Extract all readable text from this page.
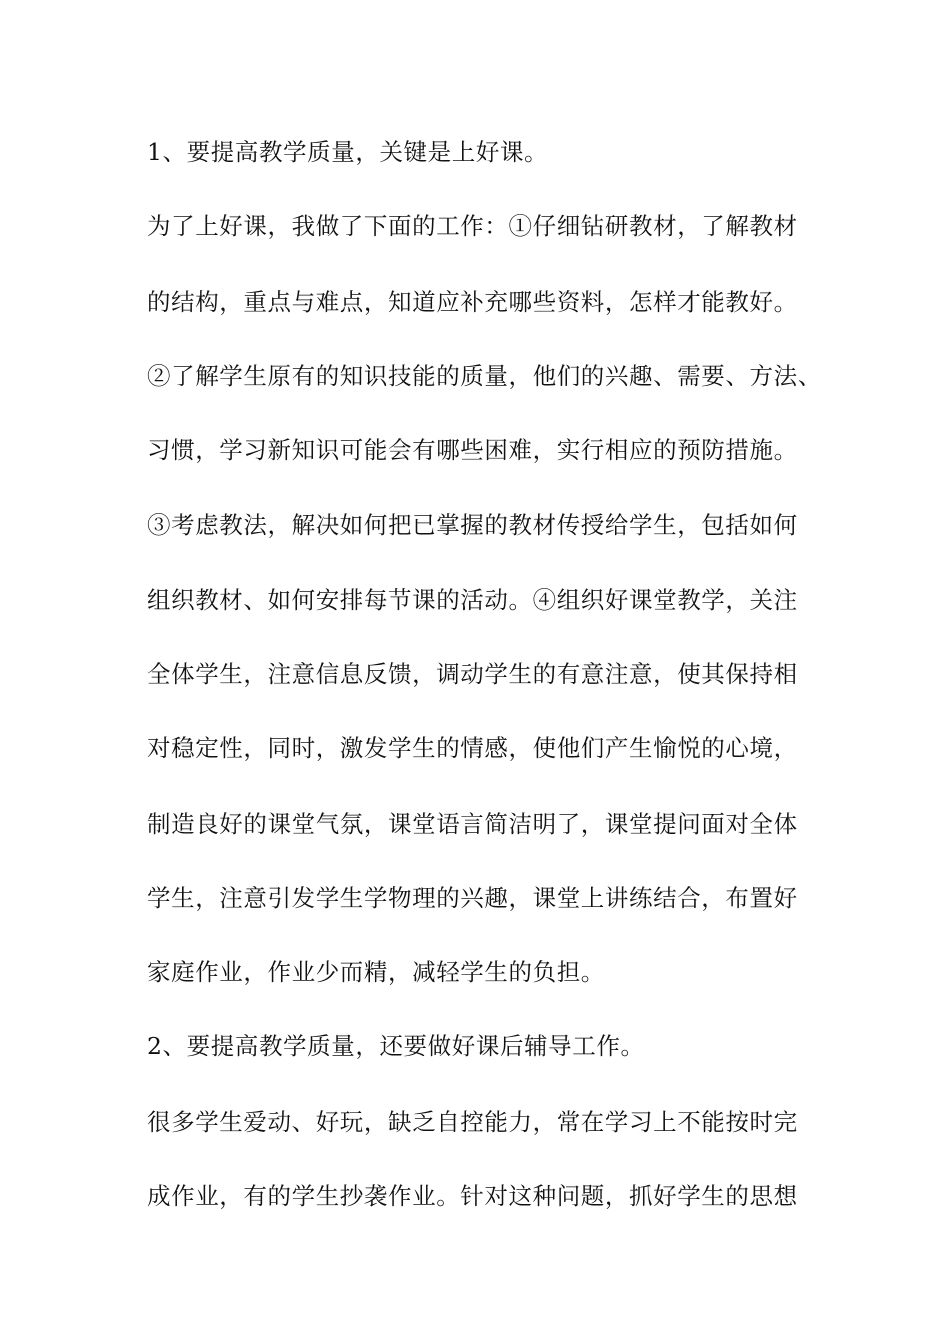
1、要提高教学质量，关键是上好课。
为了上好课，我做了下面的工作：①仔细钻研教材，了解教材
的结构，重点与难点，知道应补充哪些资料，怎样才能教好。
②了解学生原有的知识技能的质量，他们的兴趣、需要、方法、
习惯，学习新知识可能会有哪些困难，实行相应的预防措施。
③考虑教法，解决如何把已掌握的教材传授给学生，包括如何
组织教材、如何安排每节课的活动。④组织好课堂教学，关注
全体学生，注意信息反馈，调动学生的有意注意，使其保持相
对稳定性，同时，激发学生的情感，使他们产生愉悦的心境，
制造良好的课堂气氛，课堂语言简洁明了，课堂提问面对全体
学生，注意引发学生学物理的兴趣，课堂上讲练结合，布置好
家庭作业，作业少而精，减轻学生的负担。
2、要提高教学质量，还要做好课后辅导工作。
很多学生爱动、好玩，缺乏自控能力，常在学习上不能按时完
成作业，有的学生抄袭作业。针对这种问题，抓好学生的思想
